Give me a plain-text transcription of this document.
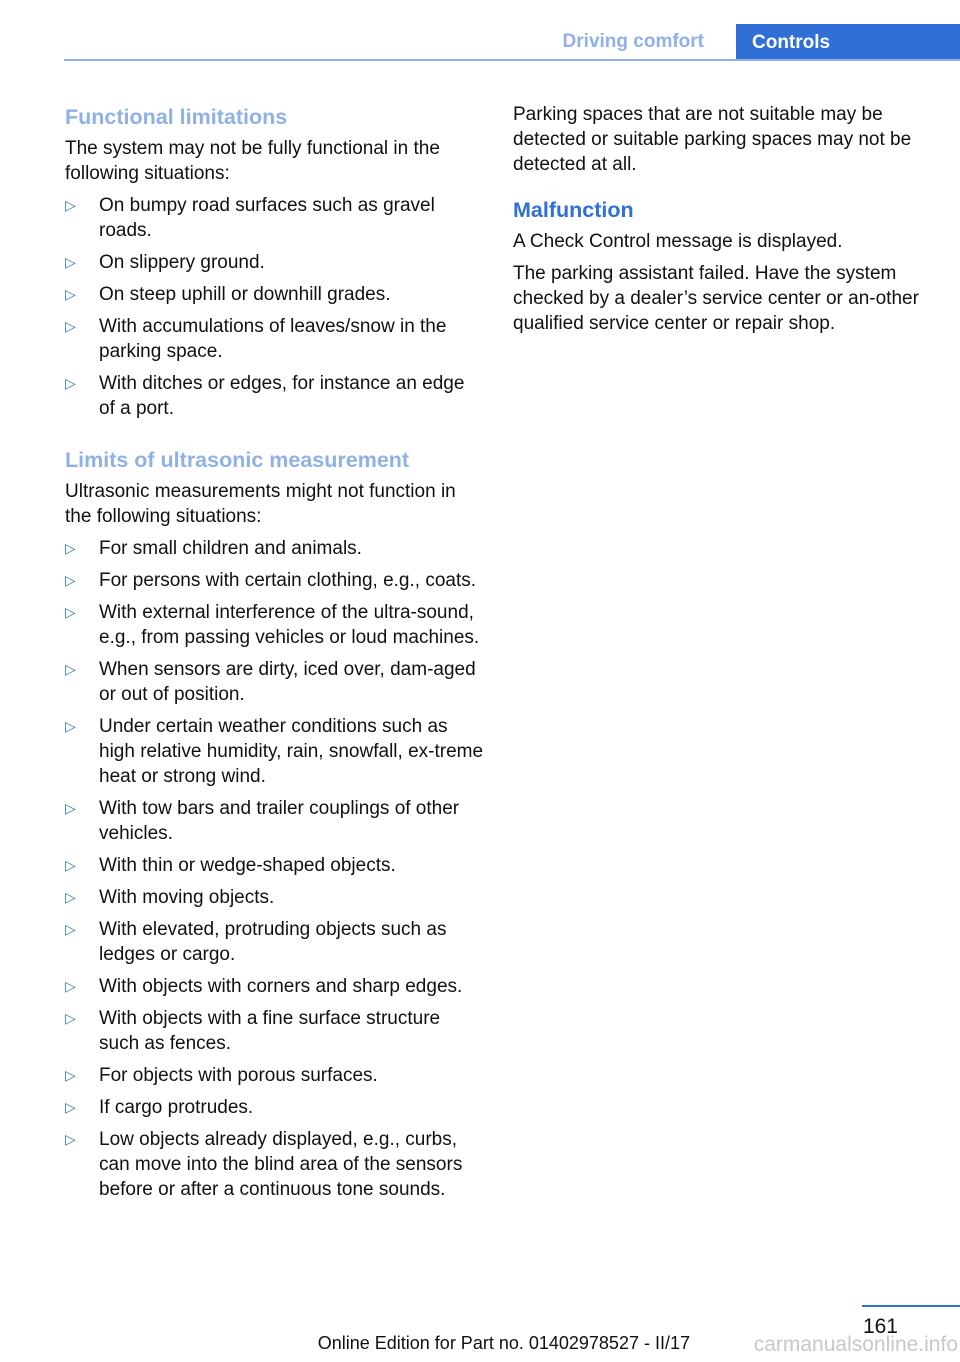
Driving comfort	Controls
Functional limitations

The system may not be fully functional in the following situations:

▷ On bumpy road surfaces such as gravel roads.
▷ On slippery ground.
▷ On steep uphill or downhill grades.
▷ With accumulations of leaves/snow in the parking space.
▷ With ditches or edges, for instance an edge of a port.
Limits of ultrasonic measurement

Ultrasonic measurements might not function in the following situations:

▷ For small children and animals.
▷ For persons with certain clothing, e.g., coats.
▷ With external interference of the ultra-sound, e.g., from passing vehicles or loud machines.
▷ When sensors are dirty, iced over, dam-aged or out of position.
▷ Under certain weather conditions such as high relative humidity, rain, snowfall, ex-treme heat or strong wind.
▷ With tow bars and trailer couplings of other vehicles.
▷ With thin or wedge-shaped objects.
▷ With moving objects.
▷ With elevated, protruding objects such as ledges or cargo.
▷ With objects with corners and sharp edges.
▷ With objects with a fine surface structure such as fences.
▷ For objects with porous surfaces.
▷ If cargo protrudes.
▷ Low objects already displayed, e.g., curbs, can move into the blind area of the sensors before or after a continuous tone sounds.

Parking spaces that are not suitable may be detected or suitable parking spaces may not be detected at all.

Malfunction

A Check Control message is displayed.

The parking assistant failed. Have the system checked by a dealer’s service center or an-other qualified service center or repair shop.

161
Online Edition for Part no. 01402978527 - II/17	carmanualsonline.info
